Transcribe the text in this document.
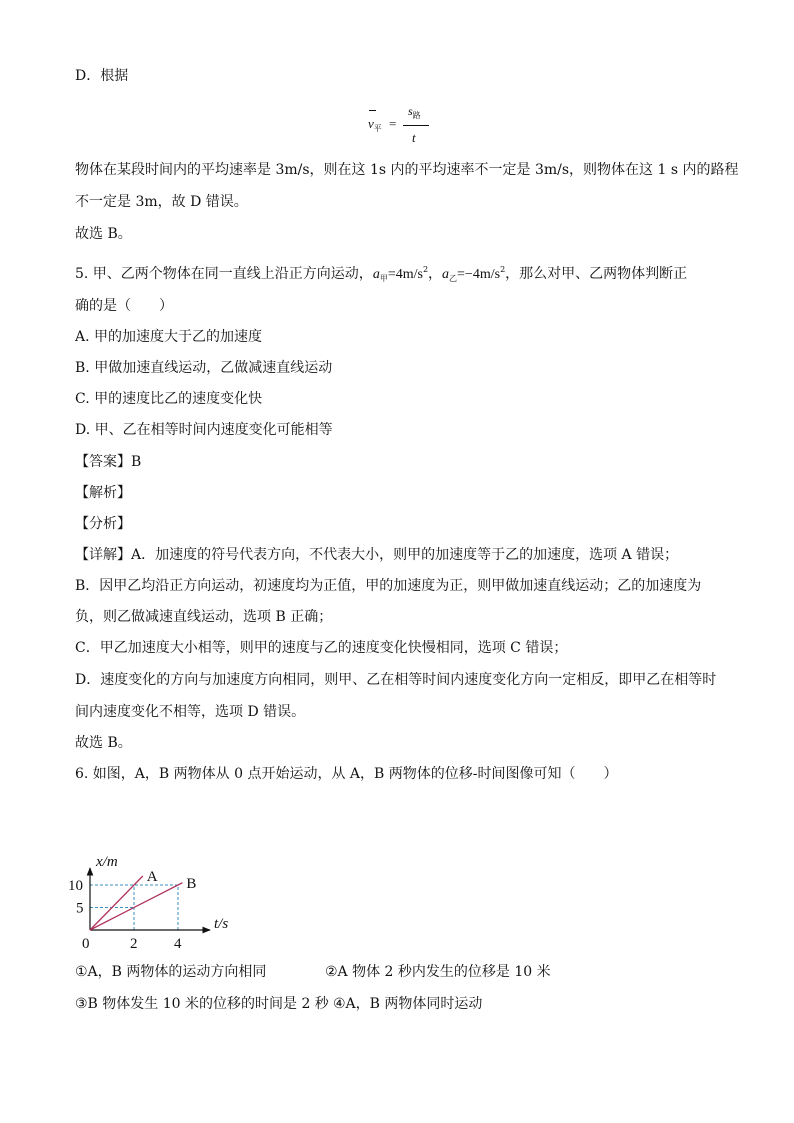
D．根据
$v_平$ =
$s_路$
t
物体在某段时间内的平均速率是 3m/s，则在这 1s 内的平均速率不一定是 3m/s，则物体在这 1 s 内的路程
不一定是 3m，故 D 错误。
故选 B。
5. 甲、乙两个物体在同一直线上沿正方向运动，$a_甲=4m/s^2$，$a_乙=-4m/s^2$，那么对甲、乙两物体判断正
确的是（　　）
A. 甲的加速度大于乙的加速度
B. 甲做加速直线运动，乙做减速直线运动
C. 甲的速度比乙的速度变化快
D. 甲、乙在相等时间内速度变化可能相等
【答案】B
【解析】
【分析】
【详解】A．加速度的符号代表方向，不代表大小，则甲的加速度等于乙的加速度，选项 A 错误；
B．因甲乙均沿正方向运动，初速度均为正值，甲的加速度为正，则甲做加速直线运动；乙的加速度为
负，则乙做减速直线运动，选项 B 正确；
C．甲乙加速度大小相等，则甲的速度与乙的速度变化快慢相同，选项 C 错误；
D．速度变化的方向与加速度方向相同，则甲、乙在相等时间内速度变化方向一定相反，即甲乙在相等时
间内速度变化不相等，选项 D 错误。
故选 B。
6. 如图，A，B 两物体从 0 点开始运动，从 A，B 两物体的位移-时间图像可知（　　）
A B
2 4
5
10
0
t/s
x/m
①A，B 两物体的运动方向相同	②A 物体 2 秒内发生的位移是 10 米
③B 物体发生 10 米的位移的时间是 2 秒 ④A，B 两物体同时运动
